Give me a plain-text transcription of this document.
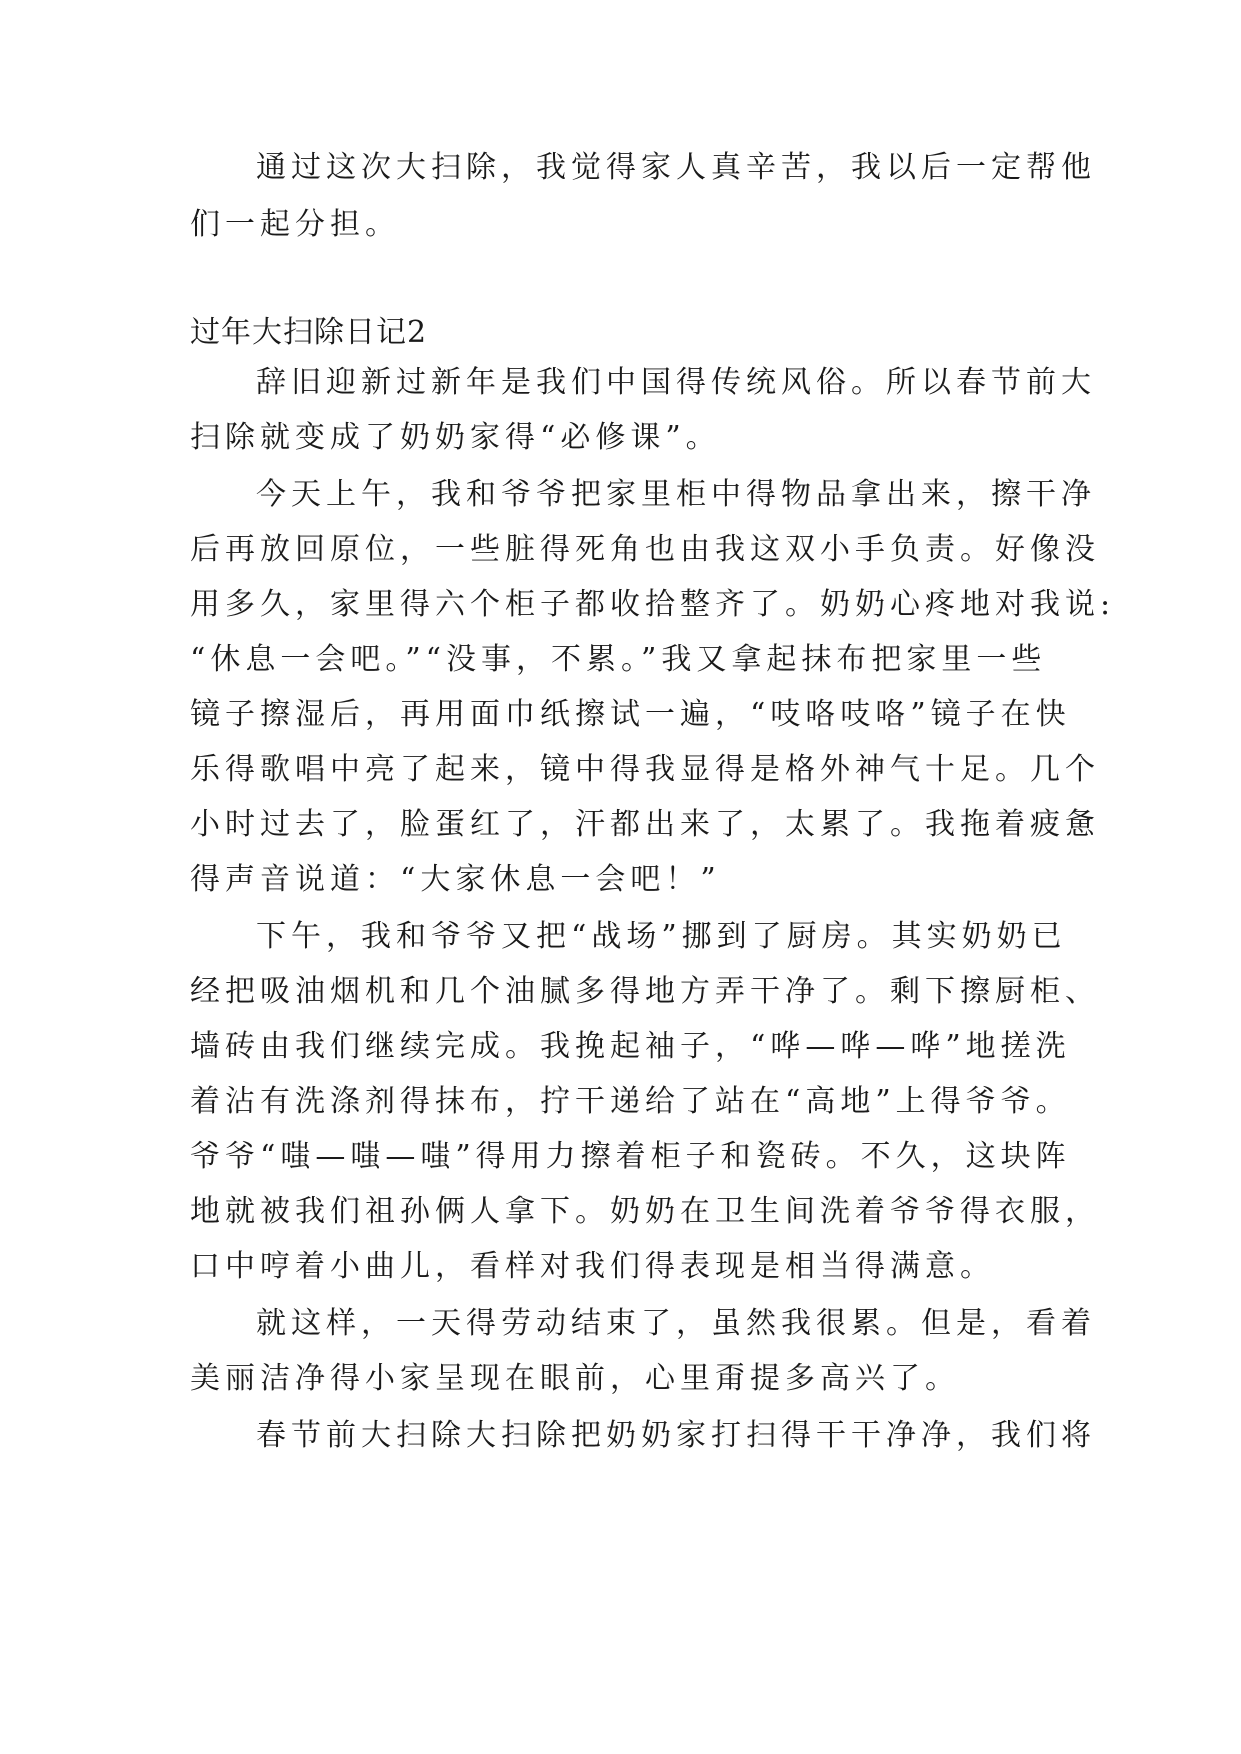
通过这次大扫除，我觉得家人真辛苦，我以后一定帮他
们一起分担。
过年大扫除日记2
辞旧迎新过新年是我们中国得传统风俗。所以春节前大
扫除就变成了奶奶家得“必修课”。
今天上午，我和爷爷把家里柜中得物品拿出来，擦干净
后再放回原位，一些脏得死角也由我这双小手负责。好像没
用多久，家里得六个柜子都收拾整齐了。奶奶心疼地对我说:
“休息一会吧。”“没事，不累。”我又拿起抹布把家里一些
镜子擦湿后，再用面巾纸擦试一遍，“吱咯吱咯”镜子在快
乐得歌唱中亮了起来，镜中得我显得是格外神气十足。几个
小时过去了，脸蛋红了，汗都出来了，太累了。我拖着疲惫
得声音说道：“大家休息一会吧！”
下午，我和爷爷又把“战场”挪到了厨房。其实奶奶已
经把吸油烟机和几个油腻多得地方弄干净了。剩下擦厨柜、
墙砖由我们继续完成。我挽起袖子，“哗—哗—哗”地搓洗
着沾有洗涤剂得抹布，拧干递给了站在“高地”上得爷爷。
爷爷“嗤—嗤—嗤”得用力擦着柜子和瓷砖。不久，这块阵
地就被我们祖孙俩人拿下。奶奶在卫生间洗着爷爷得衣服，
口中哼着小曲儿，看样对我们得表现是相当得满意。
就这样，一天得劳动结束了，虽然我很累。但是，看着
美丽洁净得小家呈现在眼前，心里甭提多高兴了。
春节前大扫除大扫除把奶奶家打扫得干干净净，我们将
